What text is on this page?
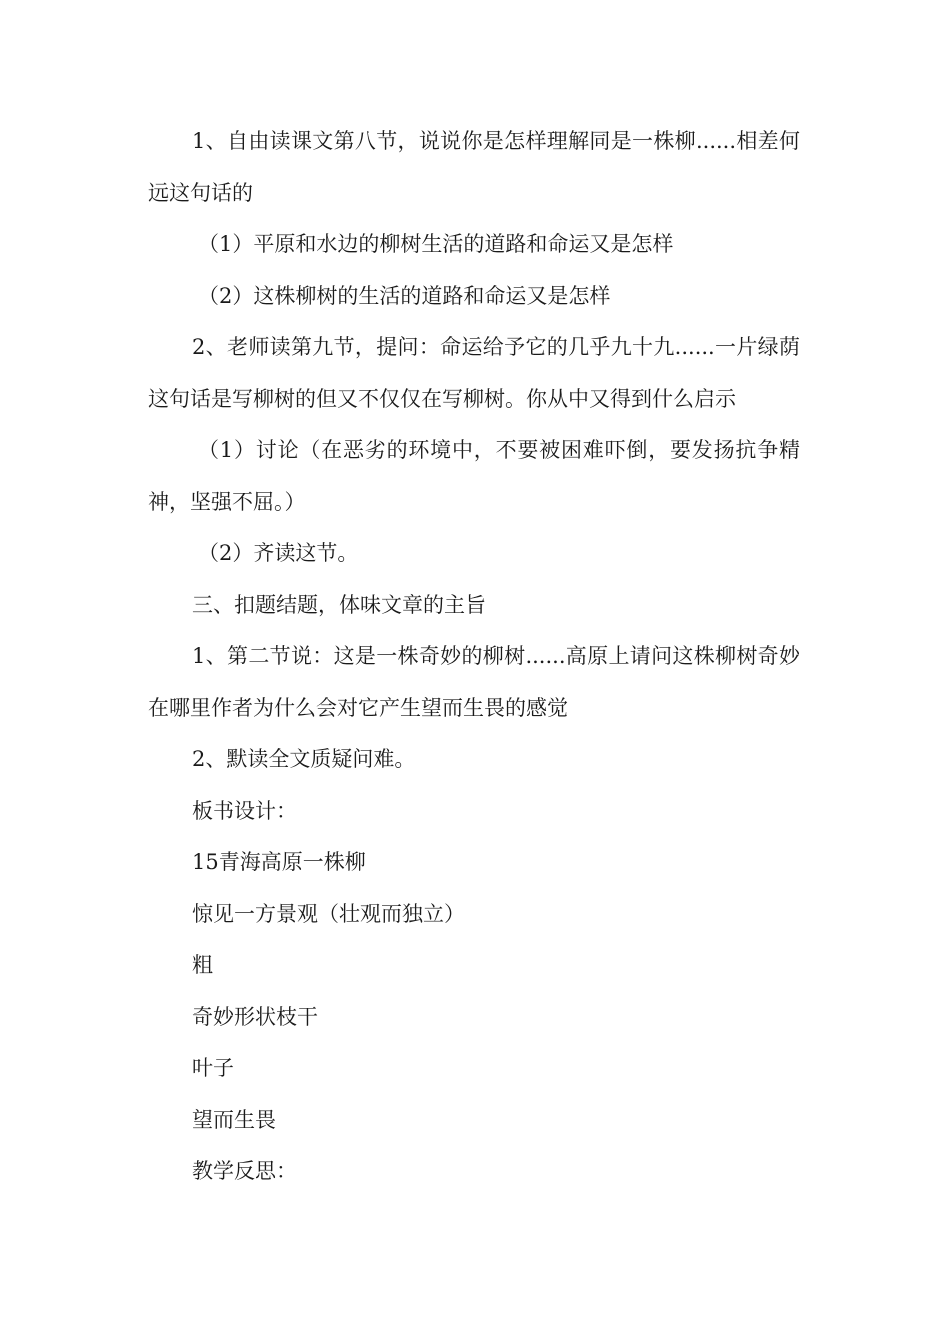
1、自由读课文第八节，说说你是怎样理解同是一株柳......相差何远这句话的

（1）平原和水边的柳树生活的道路和命运又是怎样

（2）这株柳树的生活的道路和命运又是怎样

2、老师读第九节，提问：命运给予它的几乎九十九......一片绿荫这句话是写柳树的但又不仅仅在写柳树。你从中又得到什么启示

（1）讨论（在恶劣的环境中，不要被困难吓倒，要发扬抗争精神，坚强不屈。）

（2）齐读这节。

三、扣题结题，体味文章的主旨

1、第二节说：这是一株奇妙的柳树......高原上请问这株柳树奇妙在哪里作者为什么会对它产生望而生畏的感觉

2、默读全文质疑问难。

板书设计：

15青海高原一株柳

惊见一方景观（壮观而独立）

粗

奇妙形状枝干

叶子

望而生畏

教学反思：
